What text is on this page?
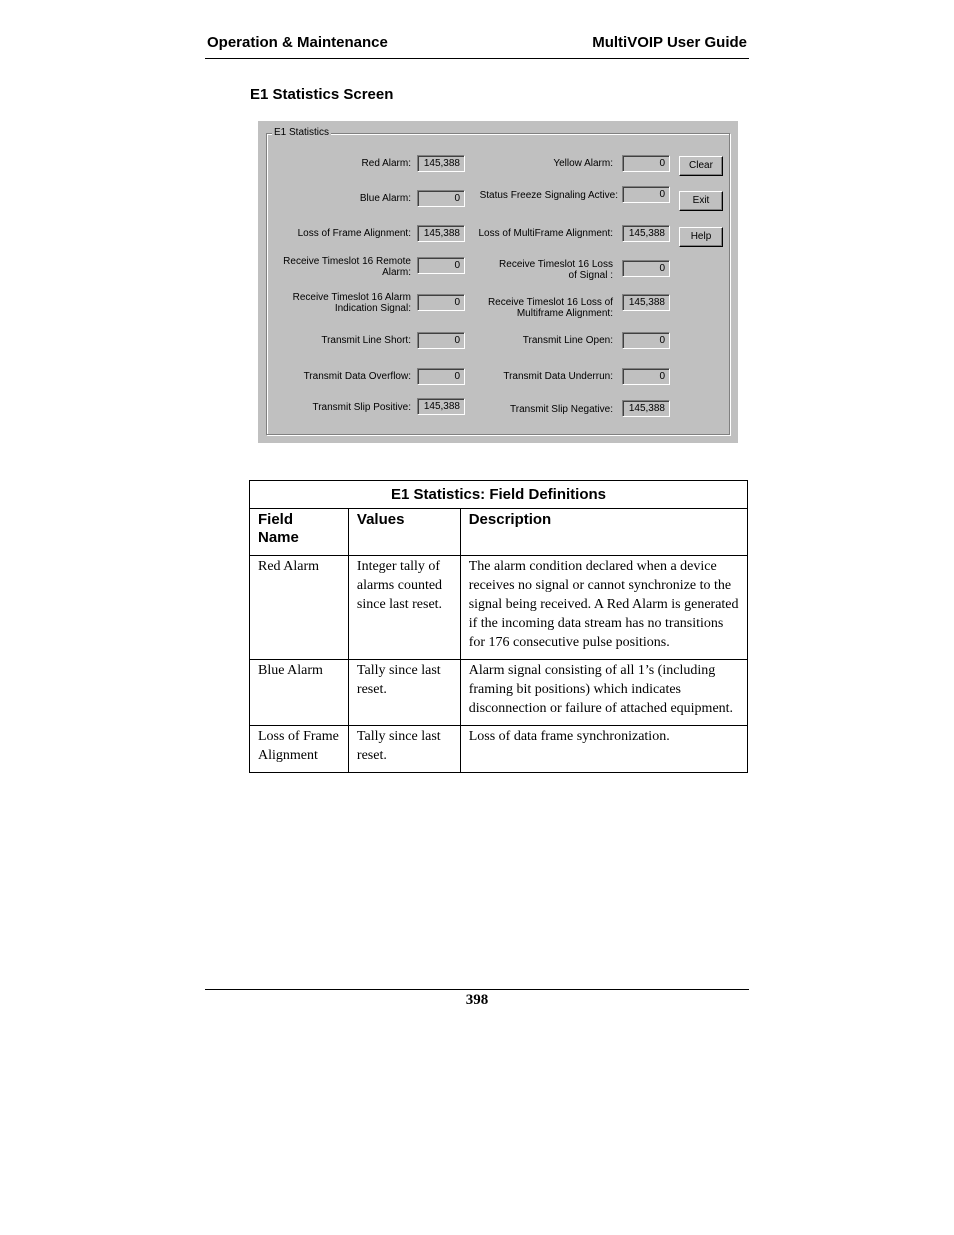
Operation & Maintenance	MultiVOIP User Guide
E1 Statistics Screen
E1 Statistics
Red Alarm:	145,388
Blue Alarm:	0
Loss of Frame Alignment:	145,388
Receive Timeslot 16 Remote
Alarm:
0
Receive Timeslot 16 Alarm
Indication Signal:
0
Transmit Line Short:	0
Transmit Data Overflow:	0
Transmit Slip Positive:	145,388
Yellow Alarm:	0
Status Freeze Signaling Active:	0
Loss of MultiFrame Alignment:	145,388
Receive Timeslot 16 Loss
of Signal :
0
Receive Timeslot 16 Loss of
Multiframe Alignment:
145,388
Transmit Line Open:	0
Transmit Data Underrun:	0
Transmit Slip Negative:	145,388
Clear
Exit
Help
E1 Statistics: Field Definitions		

Field
Name	Values	Description
Red Alarm	Integer tally of alarms counted since last reset.	The alarm condition declared when a device receives no signal or cannot synchronize to the signal being received. A Red Alarm is generated if the incoming data stream has no transitions for 176 consecutive pulse positions.
Blue Alarm	Tally since last reset.	Alarm signal consisting of all 1’s (including framing bit positions) which indicates disconnection or failure of attached equipment.
Loss of Frame Alignment	Tally since last reset.	Loss of data frame synchronization.
398
